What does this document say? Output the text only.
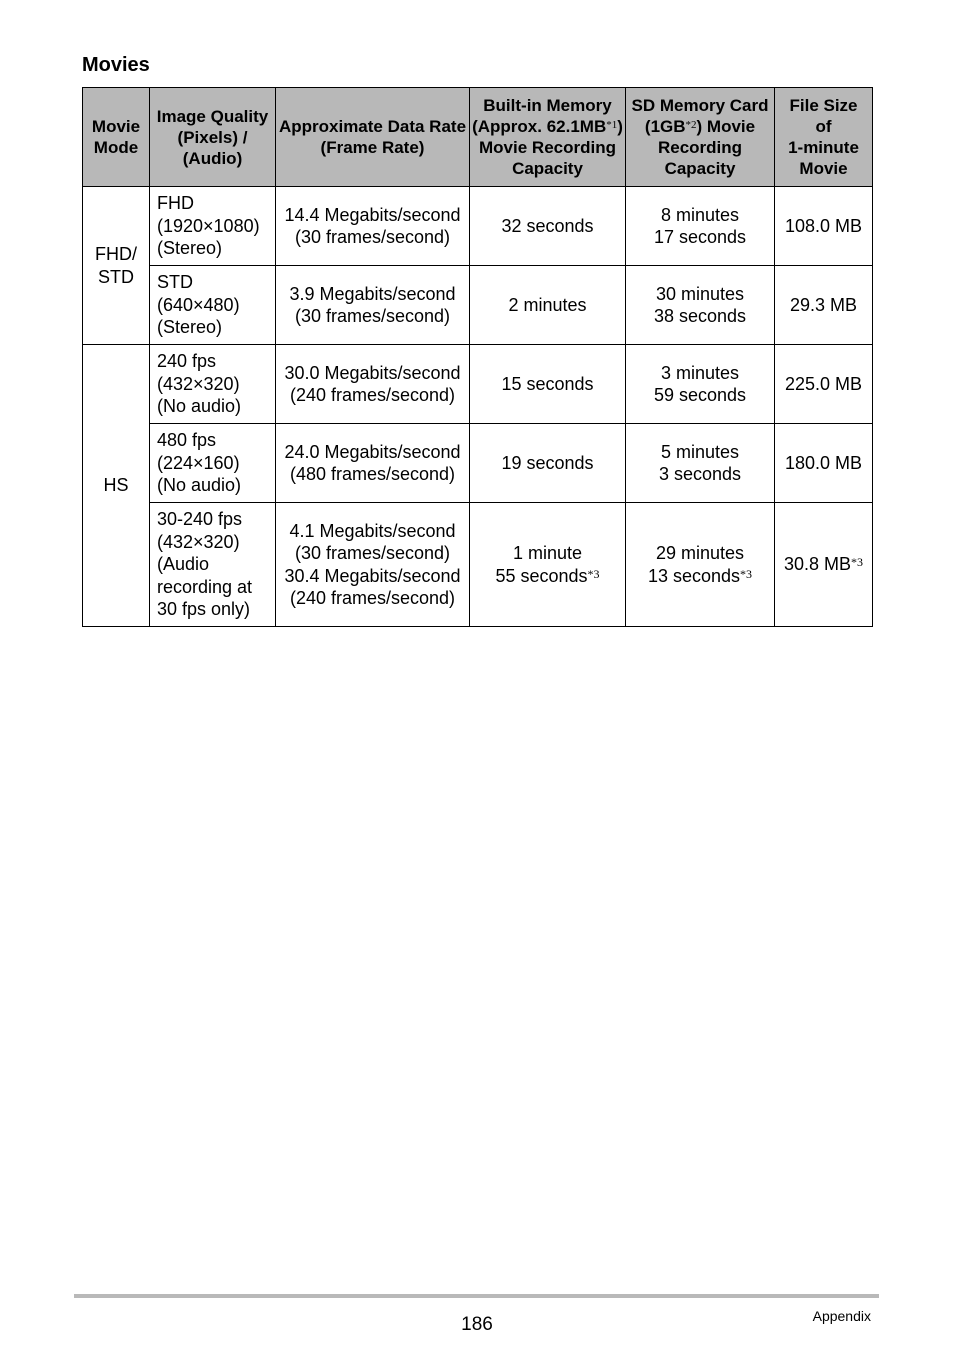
Movies
Movie
Mode	Image Quality
(Pixels) /
(Audio)	Approximate Data Rate
(Frame Rate)	Built-in Memory
(Approx. 62.1MB$^{*1}$)
Movie Recording
Capacity	SD Memory Card
(1GB$^{*2}$) Movie
Recording
Capacity	File Size
of
1-minute
Movie

FHD/
STD	FHD
(1920×1080)
(Stereo)	14.4 Megabits/second
(30 frames/second)	32 seconds	8 minutes
17 seconds	108.0 MB

	STD
(640×480)
(Stereo)	3.9 Megabits/second
(30 frames/second)	2 minutes	30 minutes
38 seconds	29.3 MB

HS	240 fps
(432×320)
(No audio)	30.0 Megabits/second
(240 frames/second)	15 seconds	3 minutes
59 seconds	225.0 MB

	480 fps
(224×160)
(No audio)	24.0 Megabits/second
(480 frames/second)	19 seconds	5 minutes
3 seconds	180.0 MB

	30-240 fps
(432×320)
(Audio
recording at
30 fps only)	4.1 Megabits/second
(30 frames/second)
30.4 Megabits/second
(240 frames/second)	1 minute
55 seconds$^{*3}$	29 minutes
13 seconds$^{*3}$	30.8 MB$^{*3}$
186	Appendix
